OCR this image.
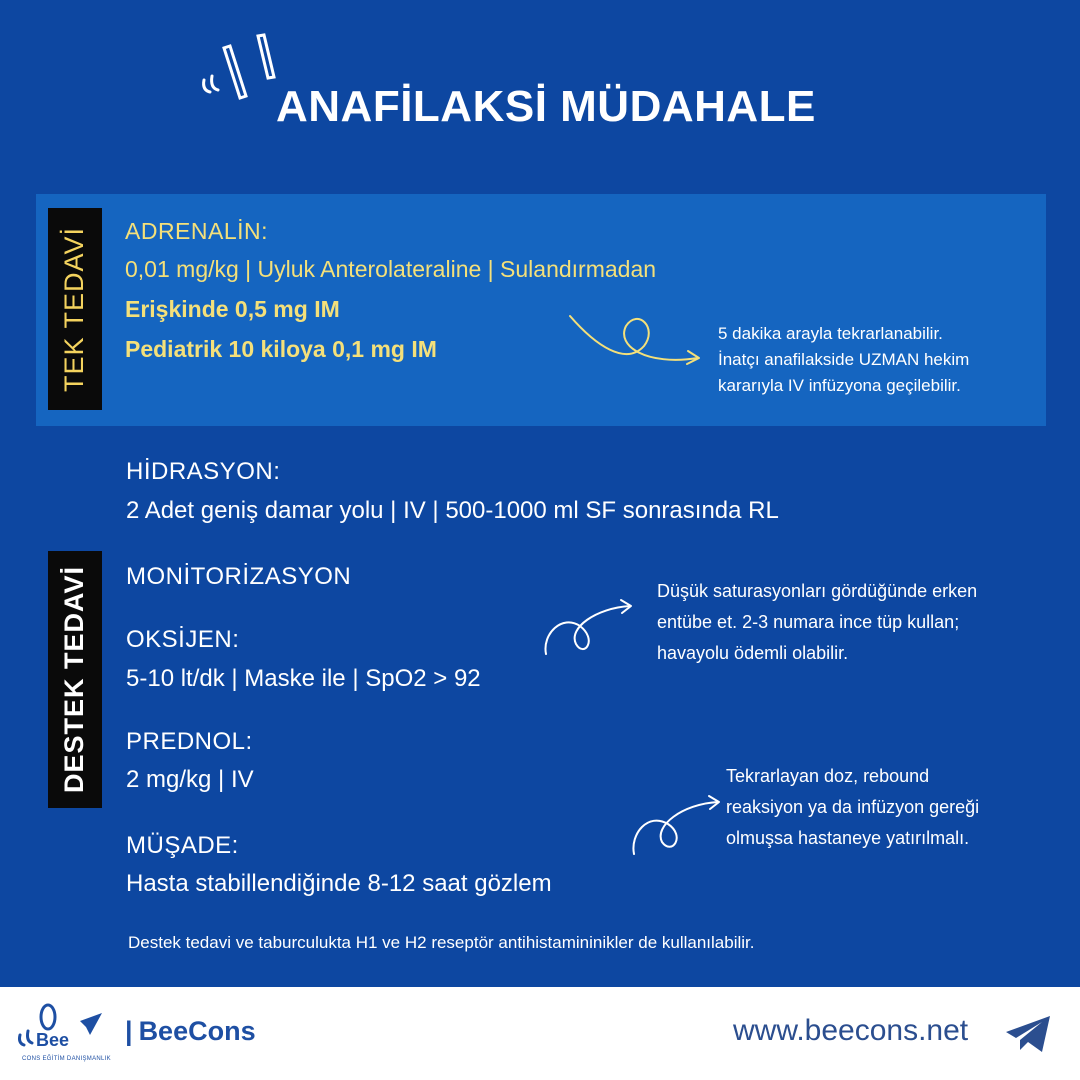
ANAFİLAKSİ MÜDAHALE
TEK TEDAVİ ADRENALİN:
0,01 mg/kg | Uyluk Anterolateraline | Sulandırmadan
Erişkinde 0,5 mg IM
Pediatrik 10 kiloya 0,1 mg IM
5 dakika arayla tekrarlanabilir.
İnatçı anafilakside UZMAN hekim
kararıyla IV infüzyona geçilebilir.
HİDRASYON:
2 Adet geniş damar yolu | IV | 500-1000 ml SF sonrasında RL
DESTEK TEDAVİ MONİTORİZASYON
OKSİJEN:
5-10 lt/dk | Maske ile | SpO2 > 92
Düşük saturasyonları gördüğünde erken
entübe et. 2-3 numara ince tüp kullan;
havayolu ödemli olabilir.
PREDNOL:
2 mg/kg | IV	Tekrarlayan doz, rebound
reaksiyon ya da infüzyon gereği
olmuşsa hastaneye yatırılmalı.
MÜŞADE:
Hasta stabillendiğinde 8-12 saat gözlem
Destek tedavi ve taburculukta H1 ve H2 reseptör antihistamininikler de kullanılabilir.
Bee
CONS EĞİTİM DANIŞMANLIK
| BeeCons	www.beecons.net
